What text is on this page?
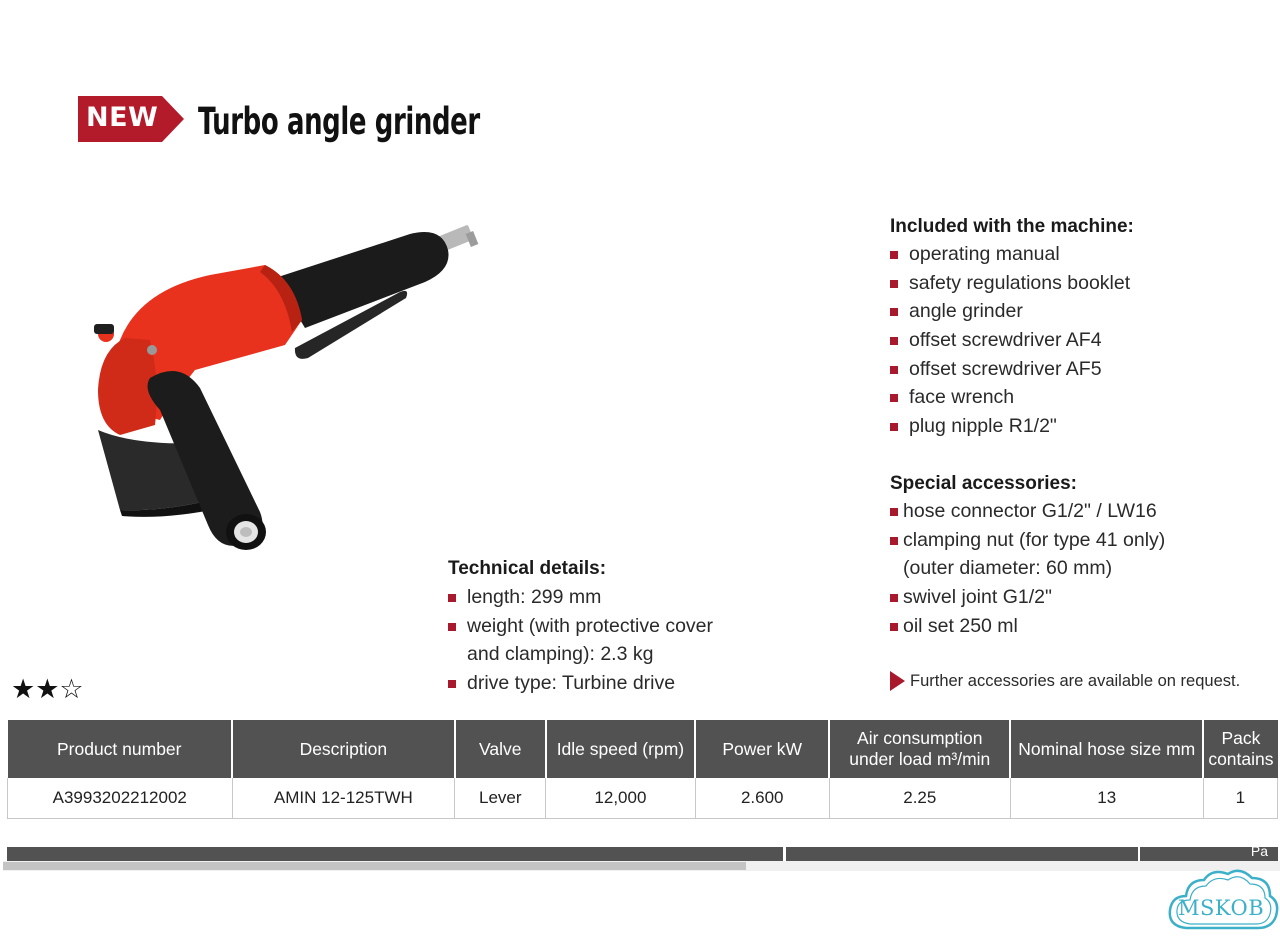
NEW Turbo angle grinder
Included with the machine:
operating manual
safety regulations booklet
angle grinder
offset screwdriver AF4
offset screwdriver AF5
face wrench
plug nipple R1/2"
Special accessories:
hose connector G1/2" / LW16
clamping nut (for type 41 only)
(outer diameter: 60 mm)
swivel joint G1/2"
oil set 250 ml
Technical details:
length: 299 mm
weight (with protective cover
and clamping): 2.3 kg
drive type: Turbine drive	Further accessories are available on request.
★★☆
Product number	Description	Valve	Idle speed (rpm)	Power kW	Air consumption under load m³/min	Nominal hose size mm	Pack contains
A3993202212002	AMIN 12-125TWH	Lever	12,000	2.600	2.25	13	1
Pa
MSKOB
